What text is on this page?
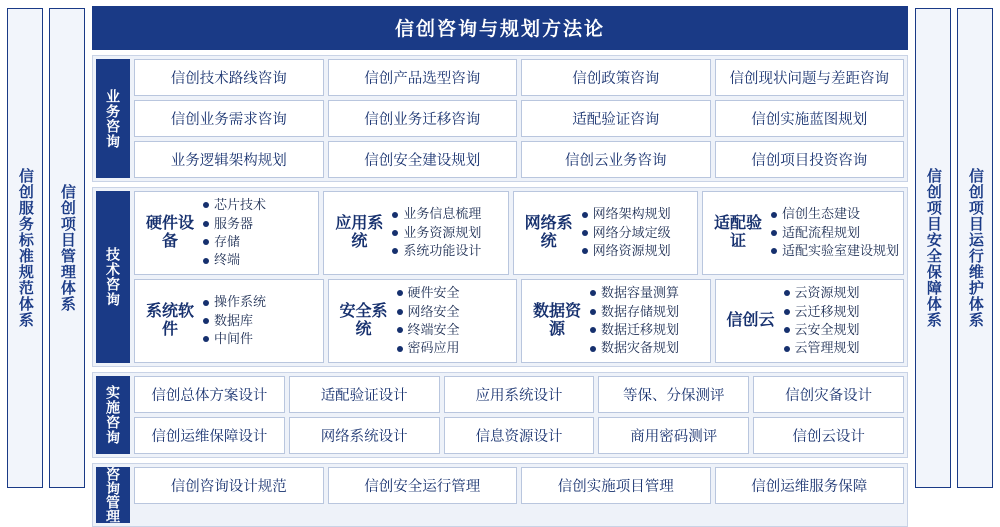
信创服务标准规范体系 信创项目管理体系
信创咨询与规划方法论
业务咨询
信创技术路线咨询	信创产品选型咨询	信创政策咨询	信创现状问题与差距咨询
信创业务需求咨询	信创业务迁移咨询	适配验证咨询	信创实施蓝图规划
业务逻辑架构规划	信创安全建设规划	信创云业务咨询	信创项目投资咨询
技术咨询
硬件设备
芯片技术
服务器
存储
终端
应用系统
业务信息梳理
业务资源规划
系统功能设计
网络系统
网络架构规划
网络分域定级
网络资源规划
适配验证
信创生态建设
适配流程规划
适配实验室建设规划
系统软件
操作系统
数据库
中间件
安全系统
硬件安全
网络安全
终端安全
密码应用
数据资源
数据容量测算
数据存储规划
数据迁移规划
数据灾备规划
信创云
云资源规划
云迁移规划
云安全规划
云管理规划
实施咨询	信创总体方案设计	适配验证设计	应用系统设计	等保、分保测评	信创灾备设计
信创运维保障设计	网络系统设计	信息资源设计	商用密码测评	信创云设计
咨询管理	信创咨询设计规范	信创安全运行管理	信创实施项目管理	信创运维服务保障
信创项目安全保障体系 信创项目运行维护体系
